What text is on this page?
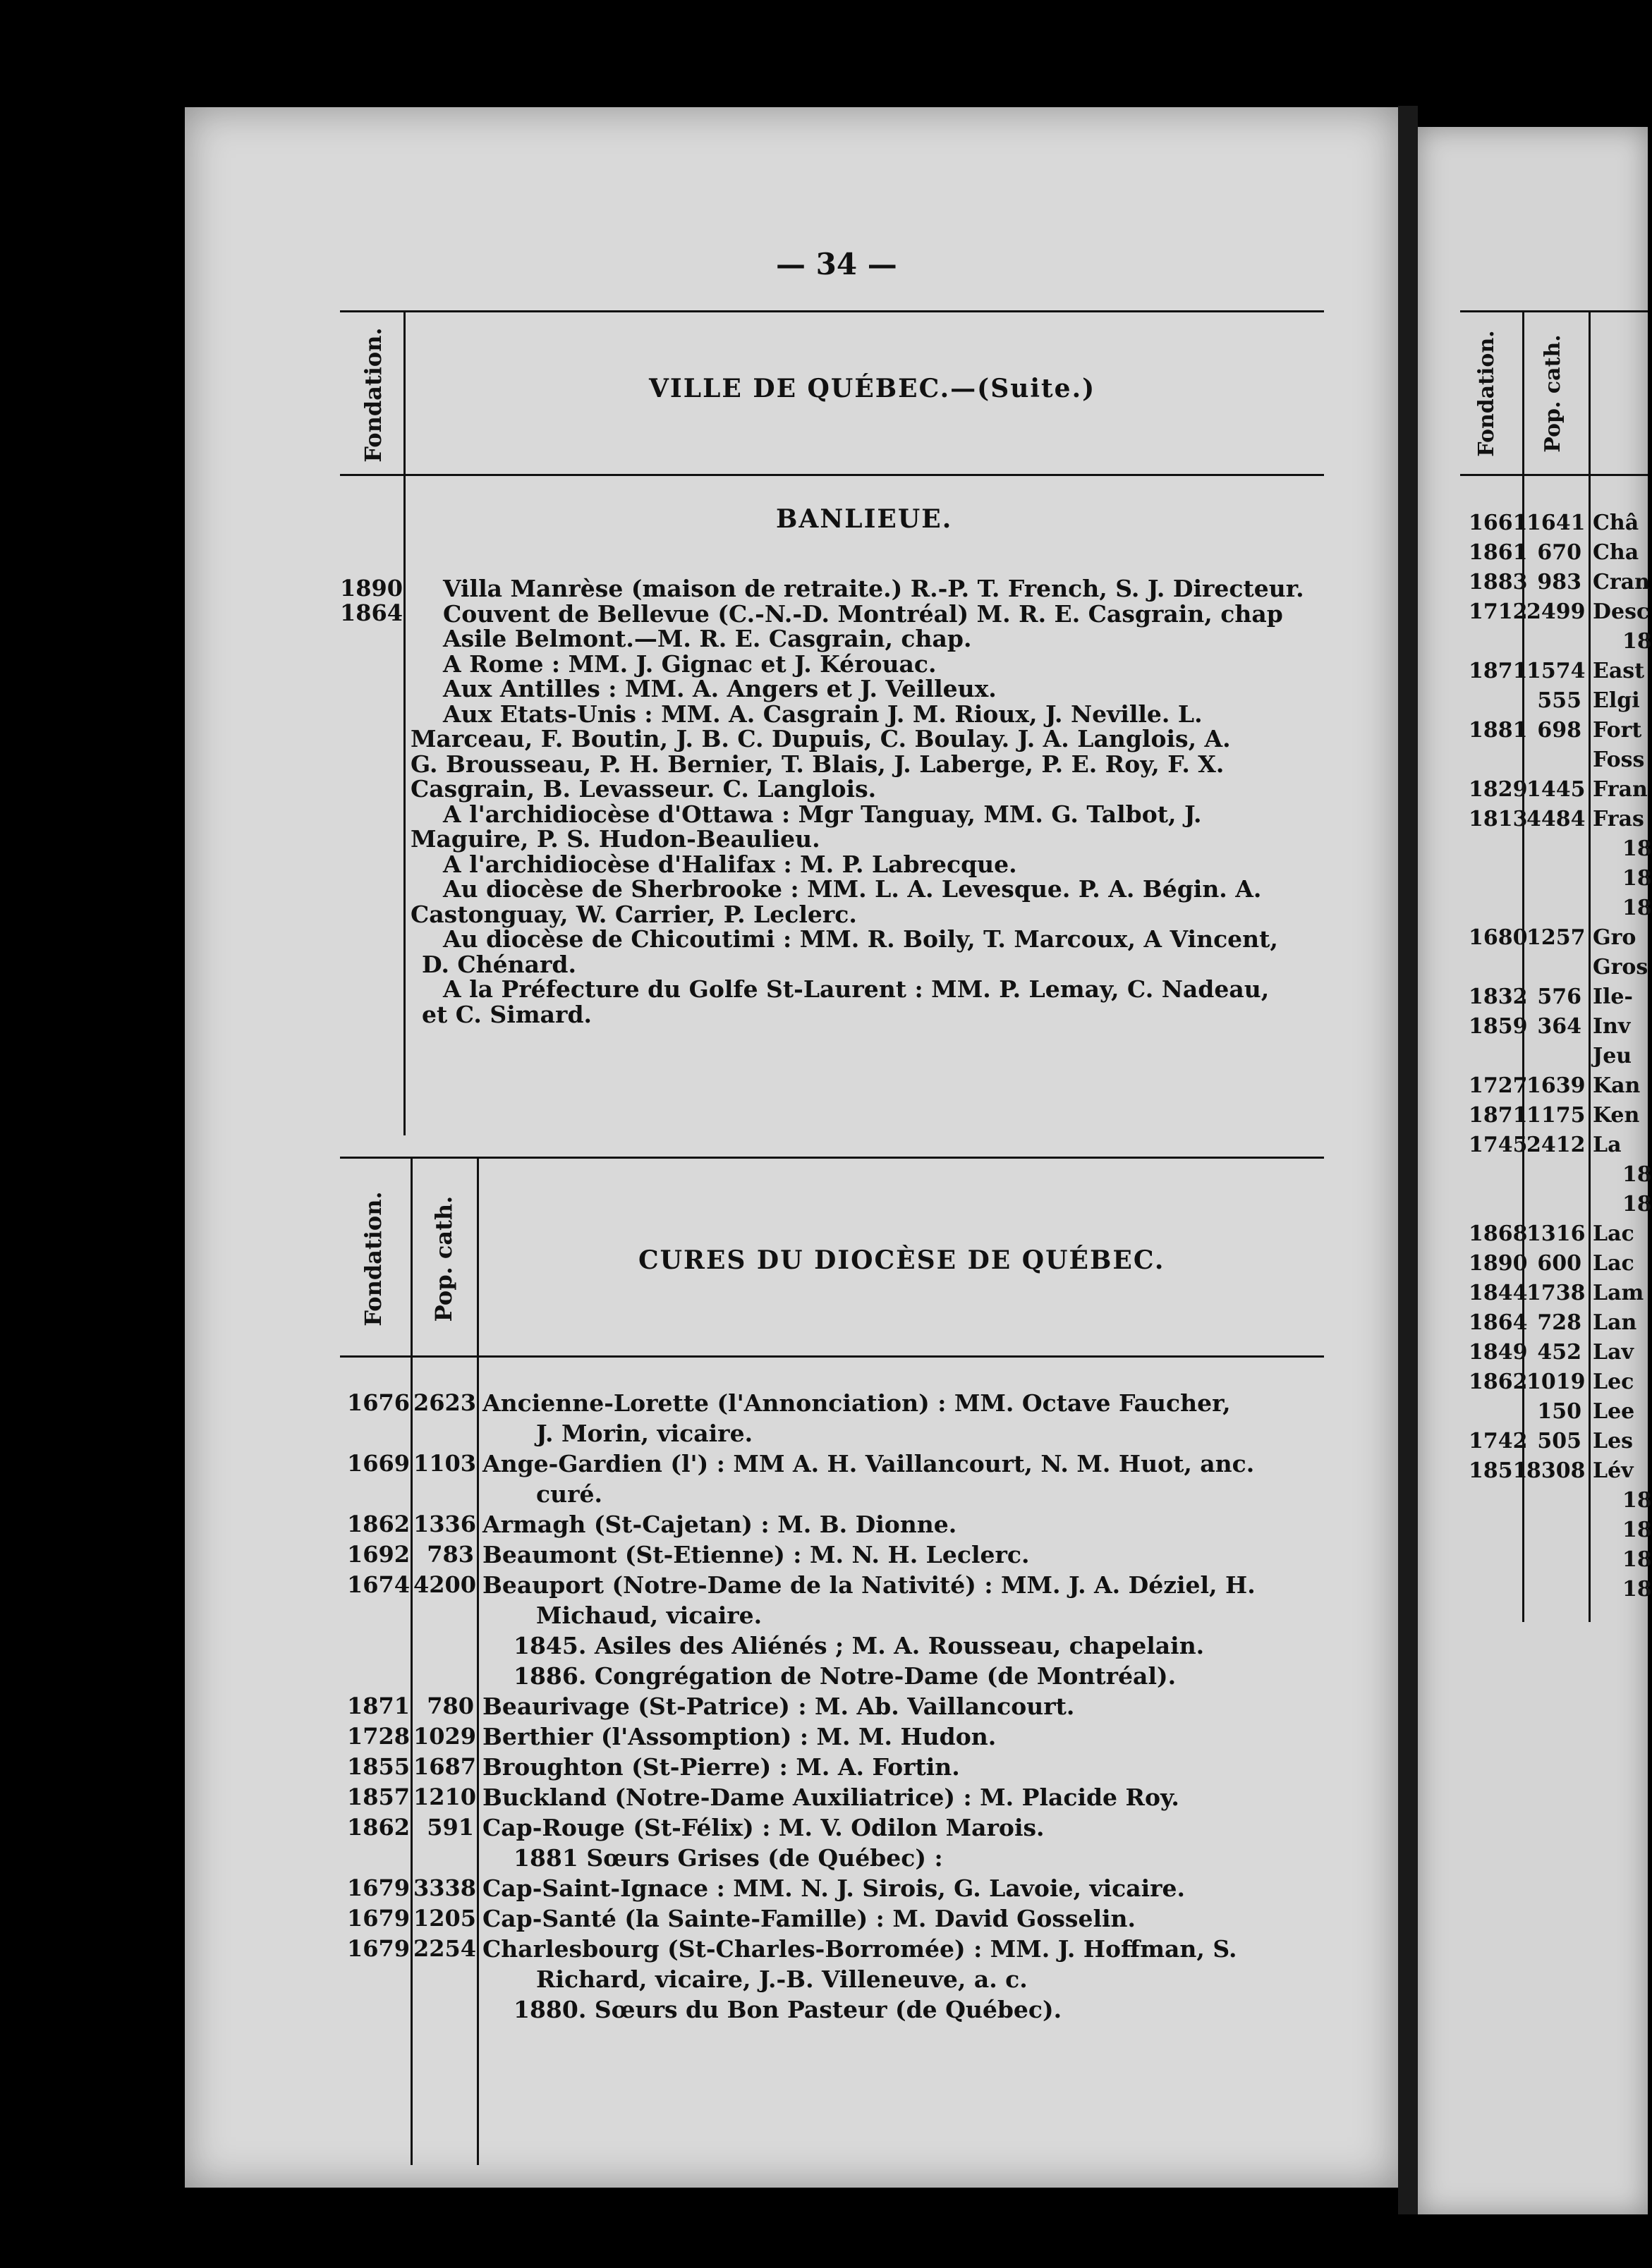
— 34 —
Fondation.	VILLE DE QUÉBEC.—(Suite.)
BANLIEUE.
1890
1864
Villa Manrèse (maison de retraite.) R.-P. T. French, S. J. Directeur.
Couvent de Bellevue (C.-N.-D. Montréal) M. R. E. Casgrain, chap
Asile Belmont.—M. R. E. Casgrain, chap.
A Rome : MM. J. Gignac et J. Kérouac.
Aux Antilles : MM. A. Angers et J. Veilleux.
Aux Etats-Unis : MM. A. Casgrain J. M. Rioux, J. Neville. L.
Marceau, F. Boutin, J. B. C. Dupuis, C. Boulay. J. A. Langlois, A.
G. Brousseau, P. H. Bernier, T. Blais, J. Laberge, P. E. Roy, F. X.
Casgrain, B. Levasseur. C. Langlois.
A l'archidiocèse d'Ottawa : Mgr Tanguay, MM. G. Talbot, J.
Maguire, P. S. Hudon-Beaulieu.
A l'archidiocèse d'Halifax : M. P. Labrecque.
Au diocèse de Sherbrooke : MM. L. A. Levesque. P. A. Bégin. A.
Castonguay, W. Carrier, P. Leclerc.
Au diocèse de Chicoutimi : MM. R. Boily, T. Marcoux, A Vincent,
D. Chénard.
A la Préfecture du Golfe St-Laurent : MM. P. Lemay, C. Nadeau,
et C. Simard.
Fondation. Pop. cath.	CURES DU DIOCÈSE DE QUÉBEC.
1676 2623 Ancienne-Lorette (l'Annonciation) : MM. Octave Faucher,
J. Morin, vicaire.
1669 1103 Ange-Gardien (l') : MM A. H. Vaillancourt, N. M. Huot, anc.
curé.
1862 1336 Armagh (St-Cajetan) : M. B. Dionne.
1692 783 Beaumont (St-Etienne) : M. N. H. Leclerc.
1674 4200 Beauport (Notre-Dame de la Nativité) : MM. J. A. Déziel, H.
Michaud, vicaire.
1845. Asiles des Aliénés ; M. A. Rousseau, chapelain.
1886. Congrégation de Notre-Dame (de Montréal).
1871 780 Beaurivage (St-Patrice) : M. Ab. Vaillancourt.
1728 1029 Berthier (l'Assomption) : M. M. Hudon.
1855 1687 Broughton (St-Pierre) : M. A. Fortin.
1857 1210 Buckland (Notre-Dame Auxiliatrice) : M. Placide Roy.
1862 591 Cap-Rouge (St-Félix) : M. V. Odilon Marois.
1881 Sœurs Grises (de Québec) :
1679 3338 Cap-Saint-Ignace : MM. N. J. Sirois, G. Lavoie, vicaire.
1679 1205 Cap-Santé (la Sainte-Famille) : M. David Gosselin.
1679 2254 Charlesbourg (St-Charles-Borromée) : MM. J. Hoffman, S.
Richard, vicaire, J.-B. Villeneuve, a. c.
1880. Sœurs du Bon Pasteur (de Québec).
Fondation. Pop. cath.
1661
1641 Châ
1861 670 Cha
1883 983 Cran
1712
2499 Desc
18
1871
1574 East
555 Elgi
1881 698 Fort
Foss
1829
1445 Fran
1813
4484 Fras
18
18
18
1680
1257 Gro
Gros
1832 576 Ile-
1859 364 Inv
Jeu
1727
1639 Kan
1871
1175 Ken
1745
2412 La
18
18
1868
1316 Lac
1890 600 Lac
1844
1738 Lam
1864 728 Lan
1849 452 Lav
1862
1019 Lec
150 Lee
1742 505 Les
1851
8308 Lév
18
18
18
18
